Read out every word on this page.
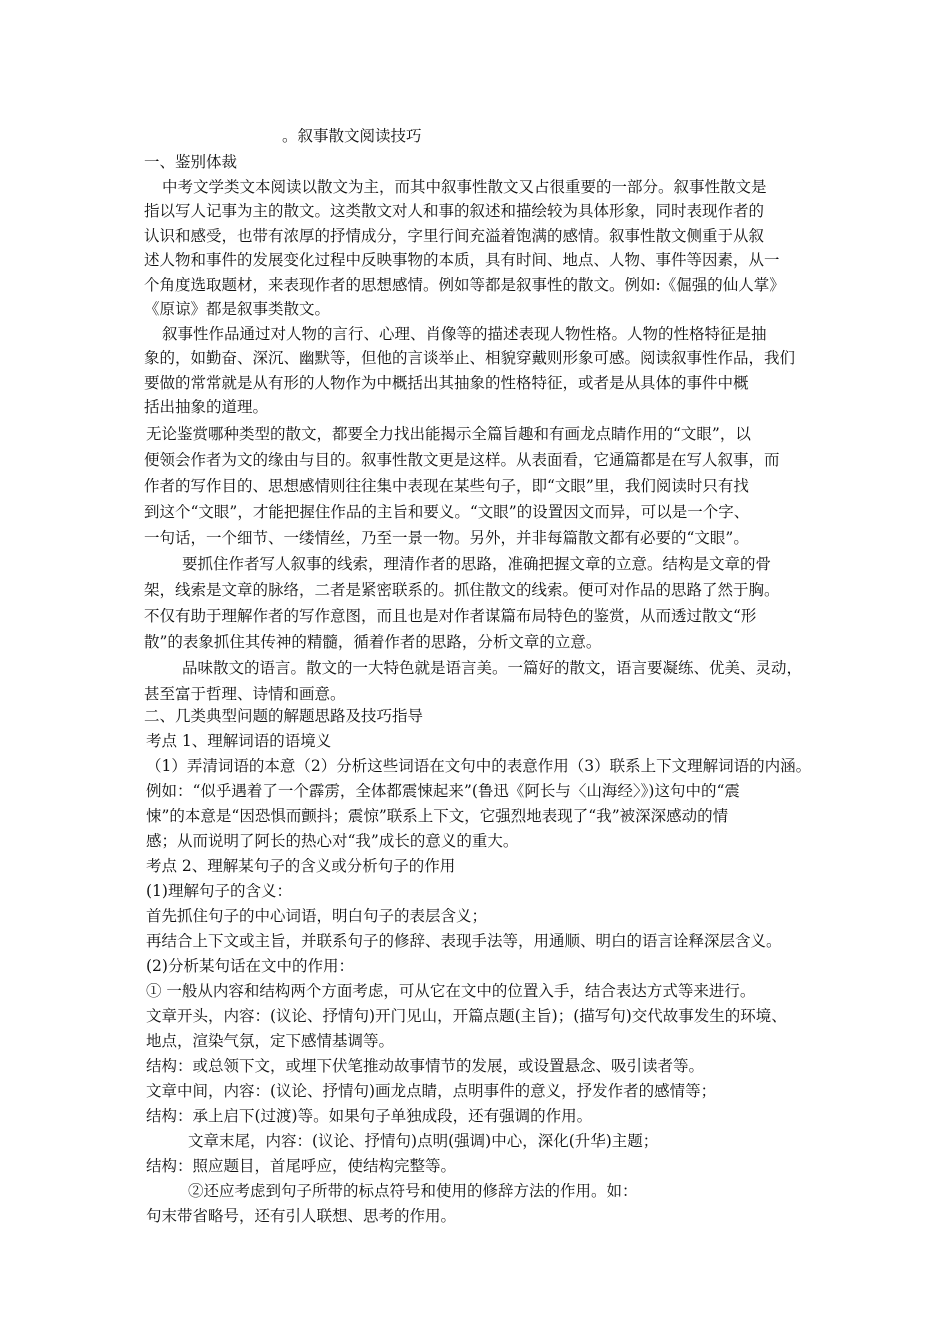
。叙事散文阅读技巧
一、鉴别体裁
中考文学类文本阅读以散文为主，而其中叙事性散文又占很重要的一部分。叙事性散文是
指以写人记事为主的散文。这类散文对人和事的叙述和描绘较为具体形象，同时表现作者的
认识和感受，也带有浓厚的抒情成分，字里行间充溢着饱满的感情。叙事性散文侧重于从叙
述人物和事件的发展变化过程中反映事物的本质，具有时间、地点、人物、事件等因素，从一
个角度选取题材，来表现作者的思想感情。例如等都是叙事性的散文。例如:《倔强的仙人掌》
《原谅》都是叙事类散文。
叙事性作品通过对人物的言行、心理、肖像等的描述表现人物性格。人物的性格特征是抽
象的，如勤奋、深沉、幽默等，但他的言谈举止、相貌穿戴则形象可感。阅读叙事性作品，我们
要做的常常就是从有形的人物作为中概括出其抽象的性格特征，或者是从具体的事件中概
括出抽象的道理。
无论鉴赏哪种类型的散文，都要全力找出能揭示全篇旨趣和有画龙点睛作用的“文眼”，以
便领会作者为文的缘由与目的。叙事性散文更是这样。从表面看，它通篇都是在写人叙事，而
作者的写作目的、思想感情则往往集中表现在某些句子，即“文眼”里，我们阅读时只有找
到这个“文眼”，才能把握住作品的主旨和要义。“文眼”的设置因文而异，可以是一个字、
一句话，一个细节、一缕情丝，乃至一景一物。另外，并非每篇散文都有必要的“文眼”。
要抓住作者写人叙事的线索，理清作者的思路，准确把握文章的立意。结构是文章的骨
架，线索是文章的脉络，二者是紧密联系的。抓住散文的线索。便可对作品的思路了然于胸。
不仅有助于理解作者的写作意图，而且也是对作者谋篇布局特色的鉴赏，从而透过散文“形
散”的表象抓住其传神的精髓，循着作者的思路，分析文章的立意。
品味散文的语言。散文的一大特色就是语言美。一篇好的散文，语言要凝练、优美、灵动，
甚至富于哲理、诗情和画意。
二、几类典型问题的解题思路及技巧指导
考点 1、理解词语的语境义
（1）弄清词语的本意（2）分析这些词语在文句中的表意作用（3）联系上下文理解词语的内涵。
例如：“似乎遇着了一个霹雳，全体都震悚起来”(鲁迅《阿长与〈山海经〉》)这句中的“震
悚”的本意是“因恐惧而颤抖；震惊”联系上下文，它强烈地表现了“我”被深深感动的情
感；从而说明了阿长的热心对“我”成长的意义的重大。
考点 2、理解某句子的含义或分析句子的作用
(1)理解句子的含义：
首先抓住句子的中心词语，明白句子的表层含义；
再结合上下文或主旨，并联系句子的修辞、表现手法等，用通顺、明白的语言诠释深层含义。
(2)分析某句话在文中的作用：
① 一般从内容和结构两个方面考虑，可从它在文中的位置入手，结合表达方式等来进行。
文章开头，内容：(议论、抒情句)开门见山，开篇点题(主旨)；(描写句)交代故事发生的环境、
地点，渲染气氛，定下感情基调等。
结构：或总领下文，或埋下伏笔推动故事情节的发展，或设置悬念、吸引读者等。
文章中间，内容：(议论、抒情句)画龙点睛，点明事件的意义，抒发作者的感情等；
结构：承上启下(过渡)等。如果句子单独成段，还有强调的作用。
文章末尾，内容：(议论、抒情句)点明(强调)中心，深化(升华)主题；
结构：照应题目，首尾呼应，使结构完整等。
②还应考虑到句子所带的标点符号和使用的修辞方法的作用。如：
句末带省略号，还有引人联想、思考的作用。
